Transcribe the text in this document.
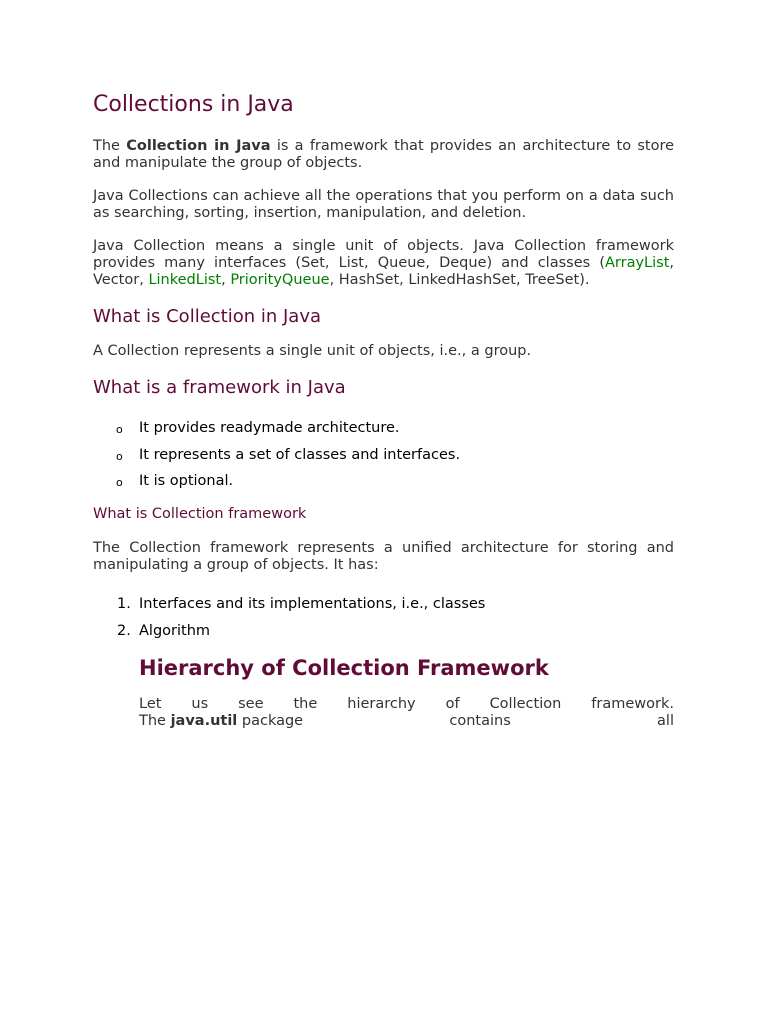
Collections in Java

The Collection in Java is a framework that provides an architecture to store and manipulate the group of objects.

Java Collections can achieve all the operations that you perform on a data such as searching, sorting, insertion, manipulation, and deletion.

Java Collection means a single unit of objects. Java Collection framework provides many interfaces (Set, List, Queue, Deque) and classes (ArrayList, Vector, LinkedList, PriorityQueue, HashSet, LinkedHashSet, TreeSet).

What is Collection in Java

A Collection represents a single unit of objects, i.e., a group.

What is a framework in Java
o It provides readymade architecture.
o It represents a set of classes and interfaces.
o It is optional.
What is Collection framework

The Collection framework represents a unified architecture for storing and manipulating a group of objects. It has:

1. Interfaces and its implementations, i.e., classes
2. Algorithm
Hierarchy of Collection Framework
Let us see the hierarchy of Collection framework.
The java.util package	contains	all
